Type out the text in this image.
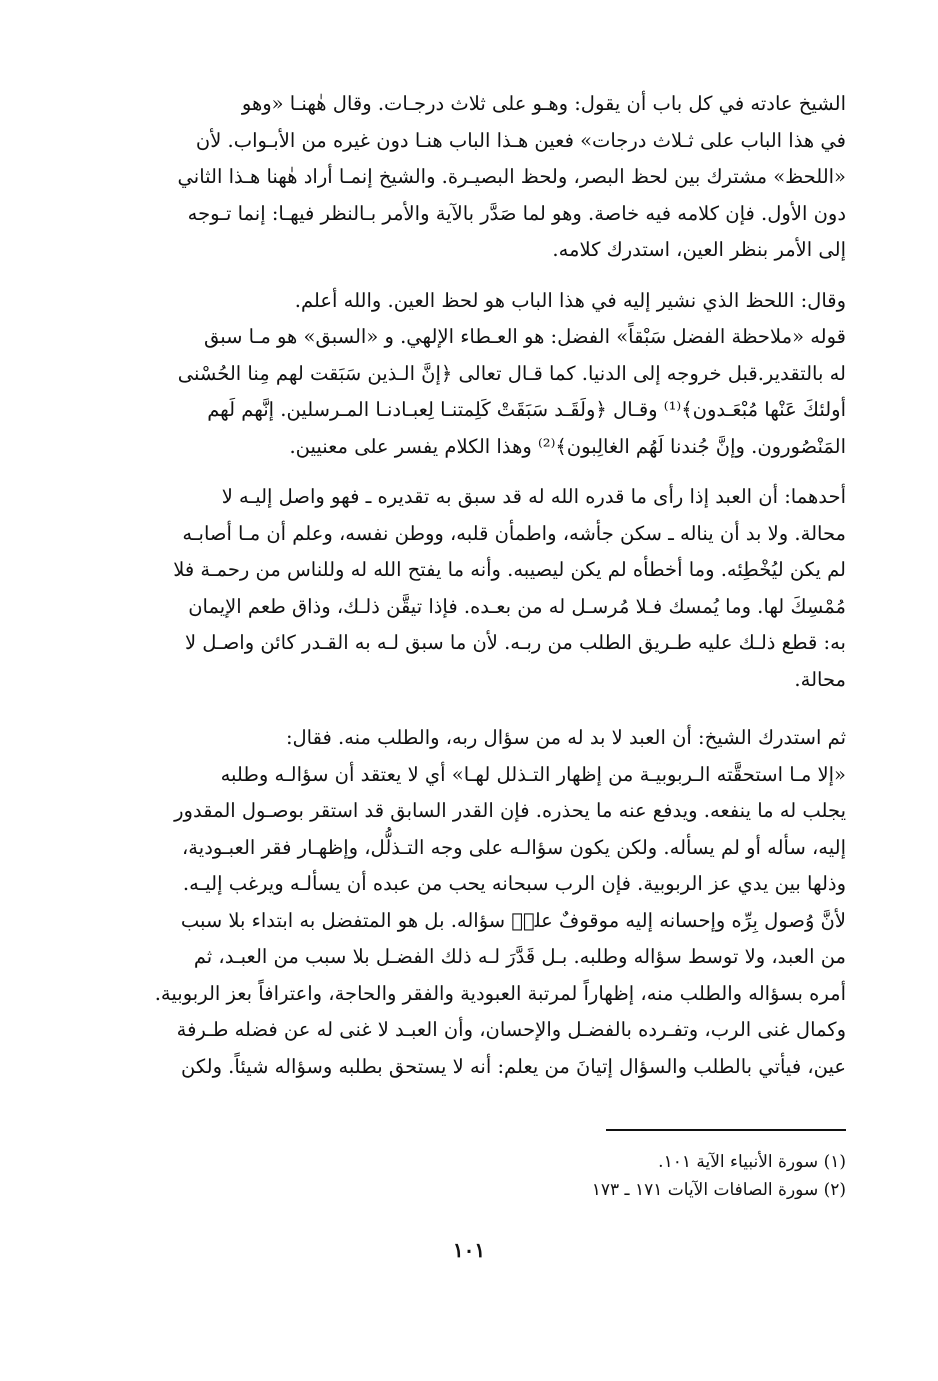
الشيخ عادته في كل باب أن يقول: وهـو على ثلاث درجـات. وقال هٰهنـا «وهو
في هذا الباب على ثـلاث درجات» فعين هـذا الباب هنـا دون غيره من الأبـواب. لأن
«اللحظ» مشترك بين لحظ البصر، ولحظ البصيـرة. والشيخ إنمـا أراد هٰهنا هـذا الثاني
دون الأول. فإن كلامه فيه خاصة. وهو لما صَدَّر بالآية والأمر بـالنظر فيهـا: إنما تـوجه
إلى الأمر بنظر العين، استدرك كلامه.

وقال: اللحظ الذي نشير إليه في هذا الباب هو لحظ العين. والله أعلم.
قوله «ملاحظة الفضل سَبْقاً» الفضل: هو العـطاء الإلهي. و «السبق» هو مـا سبق
له بالتقدير.قبل خروجه إلى الدنيا. كما قـال تعالى ﴿إنَّ الـذين سَبَقت لهم مِنا الحُسْنى
أولئكَ عَنْها مُبْعَـدون﴾⁽¹⁾ وقـال ﴿ولَقَـد سَبَقَتْ كَلِمتنـا لِعبـادنـا المـرسلين. إنَّهم لَهم
المَنْصُورون. وإنَّ جُندنا لَهُم الغالِبون﴾⁽²⁾ وهذا الكلام يفسر على معنيين.

أحدهما: أن العبد إذا رأى ما قدره الله له قد سبق به تقديره ـ فهو واصل إليـه لا
محالة. ولا بد أن يناله ـ سكن جأشه، واطمأن قلبه، ووطن نفسه، وعلم أن مـا أصابـه
لم يكن ليُخْطِئه. وما أخطأه لم يكن ليصيبه. وأنه ما يفتح الله له وللناس من رحمـة فلا
مُمْسِكَ لها. وما يُمسك فـلا مُرسـل له من بعـده. فإذا تيقَّن ذلـك، وذاق طعم الإيمان
به: قطع ذلـك عليه طـريق الطلب من ربـه. لأن ما سبق لـه به القـدر كائن واصـل لا
محالة.

ثم استدرك الشيخ: أن العبد لا بد له من سؤال ربه، والطلب منه. فقال:
«إلا مـا استحقَّته الـربوبيـة من إظهار التـذلل لهـا» أي لا يعتقد أن سؤالـه وطلبه
يجلب له ما ينفعه. ويدفع عنه ما يحذره. فإن القدر السابق قد استقر بوصـول المقدور
إليه، سأله أو لم يسأله. ولكن يكون سؤالـه على وجه التـذلُّل، وإظهـار فقر العبـودية،
وذلها بين يدي عز الربوبية. فإن الرب سبحانه يحب من عبده أن يسألـه ويرغب إليـه.
لأنَّ وُصول بِرِّه وإحسانه إليه موقوفٌ علىٖ سؤاله. بل هو المتفضل به ابتداء بلا سبب
من العبد، ولا توسط سؤاله وطلبه. بـل قَدَّرَ لـه ذلك الفضـل بلا سبب من العبـد، ثم
أمره بسؤاله والطلب منه، إظهاراً لمرتبة العبودية والفقر والحاجة، واعترافاً بعز الربوبية.
وكمال غنى الرب، وتفـرده بالفضـل والإحسان، وأن العبـد لا غنى له عن فضله طـرفة
عين، فيأتي بالطلب والسؤال إتيانَ من يعلم: أنه لا يستحق بطلبه وسؤاله شيئاً. ولكن

(١) سورة الأنبياء الآية ١٠١.
(٢) سورة الصافات الآيات ١٧١ ـ ١٧٣
١٠١
